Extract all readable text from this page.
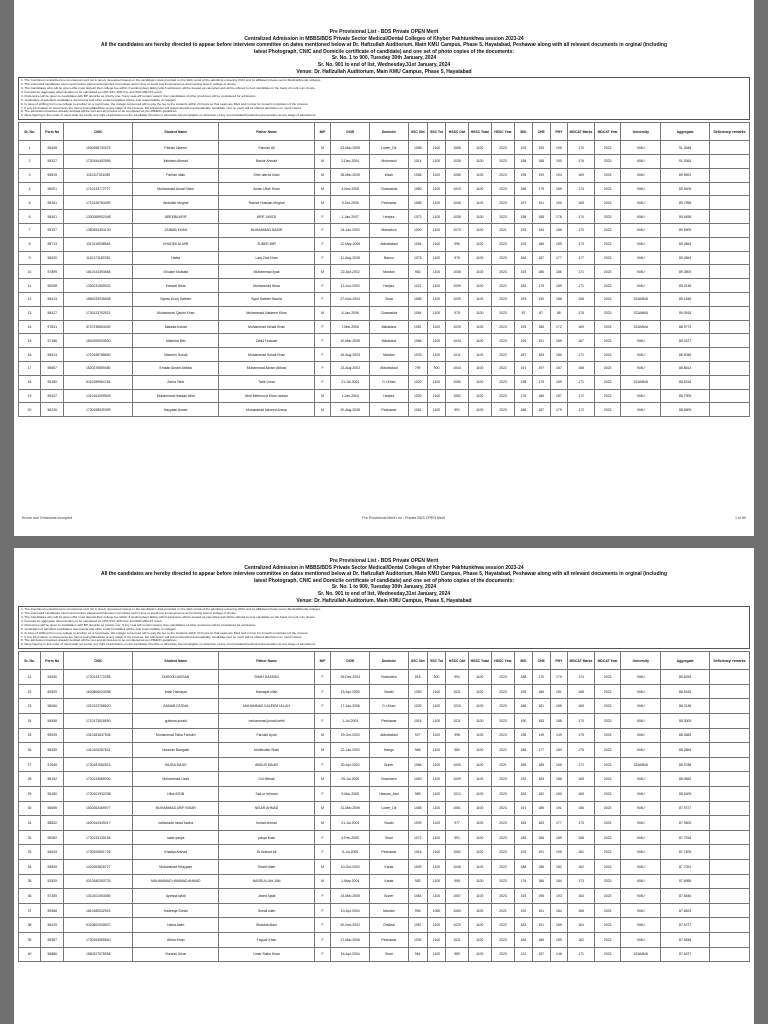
Pre Provisional List - BDS Private OPEN Merit
Centralized Admission in MBBS/BDS Private Sector Medical/Dental Colleges of Khyber Pakhtunkhwa session 2023-24
All the candidates are hereby directed to appear before interview committee on dates mentioned below at Dr. Hafizullah Auditorium, Main KMU Campus, Phase 5, Hayatabad, Peshawar along with all relevant documents in orginal (including
latest Photograph, CNIC and Domicile certificate of candidate) and one set of photo copies of the documents:
Sr. No. 1 to 900, Tuesday 30th January, 2024
Sr. No. 901 to end of list, Wednesday,31st January, 2024
Venue: Dr. Hafizullah Auditorium, Main KMU Campus, Phase 5, Hayatabad
1. The Combined centralized pre provisional merit list is purely developed based on the candidate's data provided on the Web portal of the admitting university KMU and its affiliated private sector Medical/Dental colleges.
2. The interested candidates must report before placement/Interview Committee well in time to avoid any inconvenience and missing seat in college of choice.
3. The Candidates who will be given offer must deposit their college fee within 3 working days failing which admission will be treated as cancelled and will be offered to next candidate on the basis of merit cum choice.
4. Formula for aggregate determination to be calculated as 10% SSC 40% Fsc and 50% MDCAT result.
4. Preference will be given to candidates with BP domicile as priority one, if any seat will remain vacant, then candidates of other provinces will be considered for admission.
5. Verification of admitted candidate's documents and other codal formalities will be sole responsibility of colleges.
6. In case of shifting from one college to another on a merit base, the college concerned will re-pay the fee to the students within 24 hours so that seats are filled well in time for smooth completion of the process.
7. If any information or documents are found wrong/fake/false at any stage of the process, the admission will stand cancelled automatically, candidate next on merit will be offered admission on merit/ choice.
8. The admission timelines already decided will be met and all process to be completed as per PM&DC guidelines.
9. Mere figuring in this order of merit shall not confer any right of admission on the candidate if he/she is otherwise found ineligible on detection of any error/mistake/fraud/misrepresentation at any stage of admissions.
Sr. No.	Form No	CNIC	Student Name	Father Name	M/F	DOB	Domicile	SSC Obt	SSC Tot	HSSC Obt	HSSC Total	HSSC Year	BIO	CHE	PHY	MDCAT Marks	MDCAT Year	University	Aggregate	Deficiency/ remarks
1	55408	1530266730475	Farhan Naeem	Farman Ali	M	23-Mar-2005	Lower_Dir	1068	1100	1065	1100	2023	193	195	195	170	2023	KMU	91.3546	
2	55327	1730154492589	Ihtisham Ahmad	Bashir Ahmad	M	2-Dec-2004	Mohmand	1014	1100	1035	1100	2023	188	188	190	176	2023	KMU	91.0364	
3	55819	1110117021085	Farhan ullah	Sher darraz khan	M	28-Mar-2005	Wazir	1068	1100	1055	1100	2023	195	190	194	169	2023	KMU	89.9591	
4	55001	1710133772727	Muhammad Asnaf Shinn	Aman Ullah Khan	M	4-Nov-2005	Charsadda	1080	1100	1019	1100	2023	186	179	189	173	2023	KMU	89.9409	
5	55261	1710126764499	Abdullah Mughal	Rashid Hussain Mughal	M	9-Oct-2005	Peshawar	1086	1100	1036	1100	2023	197	191	190	169	2023	KMU	89.7955	
6	58401	1330269902048	AREEBA ARIF	ARIF JAVED	F	1-Jan-2007	Haripur	1072	1100	1035	1100	2023	188	188	176	174	2023	KMU	89.6455	
7	59197	1350453494130	ZAINAB KHAN	MUHAMMAD NADIR	F	24-Jan-2003	Mansehra	1000	1100	1070	1100	2021	193	194	186	170	2023	KMU	89.5909	
8	58713	1310116938848	KHUDEEJA MIR	ZUBER MIR	F	12-May-2006	Abbottabad	1094	1100	996	1100	2023	193	186	189	173	2023	KMU	89.4864	
9	56030	1110173183780	Hafsa	Laiq Zad Khan	F	11-Aug-2005	Bannu	1076	1100	975	1100	2023	184	187	177	177	2023	KMU	89.4864	
10	57899	1610141393665	Ghulam Mustafa	Muhammad Ilyas	M	22-Apr-2002	Mardan	982	1100	1036	1100	2023	193	186	186	171	2023	KMU	89.3500	
11	55098	1330231559932	Kanwal Nisar	Muhammad Nisar	F	13-Jun-2003	Haripur	1021	1100	1009	1100	2022	183	175	189	171	2023	KMU	89.3136	
12	56413	1560233035638	Syeda Urooj Saleem	Syed Saleem Bacha	F	27-Nov-2004	Swat	1086	1100	1039	1100	2023	193	190	188	166	2023	SZAMMU	89.1546	
13	58427	1730123792521	Muhammad Qasim Khan	Muhammad Nadeem Khan	M	6-Jan-2006	Charsadda	1064	1100	975	1100	2023	87	87	86	178	2023	SZAMMU	89.0918	
14	57831	3710738663492	Malaika Irshad	Muhammad Irshad Khan	F	7-Mar-2006	Malakand	1051	1100	1025	1100	2023	193	186	172	169	2023	SZAMMU	88.9773	
15	57186	1540299093530	Maleeha Bibi	Zahid Hussain	F	10-Mar-2005	Malakand	1066	1100	1034	1100	2023	194	191	189	167	2023	KMU	89.0227	
16	55513	1710198788660	Nasreen Sohail	Muhammad Sohail Khan	F	16-Aug-2003	Mardan	1033	1100	1011	1100	2022	187	183	180	171	2023	KMU	88.9046	
17	55657	1520278559480	Emaan Akram Abbasi	Muhammad Akram Abbasi	F	13-Aug-2002	Abbottabad	799	900	1044	1100	2022	191	197	187	168	2023	KMU	88.8614	
18	59180	6110159964764	Zahra Tahir	Tahir Umar	F	21-Jul-2004	D.I.Khan	1029	1100	1050	1100	2023	198	175	169	171	2023	SZAMMU	88.8318	
19	59437	1310161509949	Muhammad Hassan Abid	Abid Mehmood Khan radoon	M	1-Jan-2004	Haripur	1029	1100	1082	1100	2023	176	186	187	172	2023	KMU	88.7909	
20	56226	1730198939399	Hayyaan Anwer	Muhammad Naveed Anwar	M	20-Aug-2005	Peshawar	1062	1100	991	1100	2023	186	187	179	172	2023	KMU	88.6909	
Errors and Omissions excepted	Pre Provisional Merit List - Private BDS OPEN Merit	1 of 80
Pre Provisional List - BDS Private OPEN Merit
Centralized Admission in MBBS/BDS Private Sector Medical/Dental Colleges of Khyber Pakhtunkhwa session 2023-24
All the candidates are hereby directed to appear before interview committee on dates mentioned below at Dr. Hafizullah Auditorium, Main KMU Campus, Phase 5, Hayatabad, Peshawar along with all relevant documents in orginal (including
latest Photograph, CNIC and Domicile certificate of candidate) and one set of photo copies of the documents:
Sr. No. 1 to 900, Tuesday 30th January, 2024
Sr. No. 901 to end of list, Wednesday,31st January, 2024
Venue: Dr. Hafizullah Auditorium, Main KMU Campus, Phase 5, Hayatabad
1. The Combined centralized pre provisional merit list is purely developed based on the candidate's data provided on the Web portal of the admitting university KMU and its affiliated private sector Medical/Dental colleges.
2. The interested candidates must report before placement/Interview Committee well in time to avoid any inconvenience and missing seat in college of choice.
3. The Candidates who will be given offer must deposit their college fee within 3 working days failing which admission will be treated as cancelled and will be offered to next candidate on the basis of merit cum choice.
4. Formula for aggregate determination to be calculated as 10% SSC 40% Fsc and 50% MDCAT result.
4. Preference will be given to candidates with BP domicile as priority one, if any seat will remain vacant, then candidates of other provinces will be considered for admission.
5. Verification of admitted candidate's documents and other codal formalities will be sole responsibility of colleges.
6. In case of shifting from one college to another on a merit base, the college concerned will re-pay the fee to the students within 24 hours so that seats are filled well in time for smooth completion of the process.
7. If any information or documents are found wrong/fake/false at any stage of the process, the admission will stand cancelled automatically, candidate next on merit will be offered admission on merit/ choice.
8. The admission timelines already decided will be met and all process to be completed as per PM&DC guidelines.
9. Mere figuring in this order of merit shall not confer any right of admission on the candidate if he/she is otherwise found ineligible on detection of any error/mistake/fraud/misrepresentation at any stage of admissions.
Sr. No.	Form No	CNIC	Student Name	Father Name	M/F	DOB	Domicile	SSC Obt	SSC Tot	HSSC Obt	HSSC Total	HSSC Year	BIO	CHE	PHY	MDCAT Marks	MDCAT Year	University	Aggregate	Deficiency/ remarks
21	54530	1720133772298	DURIYA HASSAN	SHAH HASSAN	F	15-Dec-2004	Nowshera	818	900	991	1100	2023	188	170	170	174	2023	KMU	88.6253	
22	60529	1620806024938	Iman Hamayat	Hamayat ullah	F	15-Apr-2005	Swabi	1053	1100	1021	1100	2023	195	186	181	168	2023	KMU	88.5182	
23	58066	1210123768520	ZAINAB FATIMA	MUHAMMAD KALEEM ULLAH	F	17-Jan-2006	D.I.Khan	1029	1100	1015	1100	2023	186	181	185	169	2023	KMU	88.3136	
24	54958	1710173515590	gulsena junaid	muhammad junaid sethi	F	1-Jul-2003	Peshawar	1016	1100	1011	1100	2023	190	183	188	170	2023	KMU	88.3000	
25	59049	1310181637546	Muhammad Talha Farrukh	Farrukh Ayub	M	29-Oct-2003	Abbottabad	927	1100	998	1100	2023	156	149	149	175	2023	KMU	88.4682	
26	58359	1410104257831	Nouman Bangash	Mohibullah Shah	M	22-Jan-2003	Hangu	966	1100	980	1100	2022	186	177	183	175	2023	KMU	88.2864	
27	57649	1730181582516	HAJRA MAJID	ABDUS MAJID	F	30-Apr-2002	Buner	1066	1100	1005	1100	2021	189	185	165	172	2023	SZAMMU	88.0788	
28	58192	1720143689030	Muhammad Uzair	Gul Mehak	M	25-Jul-2005	Nowshera	1063	1100	1009	1100	2023	192	183	186	169	2023	KMU	88.0682	
29	55180	1730101932038	Hiba ASVB	Saif ur rehman	F	9-Mar-2005	Hassan_Abd	985	1100	1013	1100	2023	183	182	180	169	2023	KMU	88.0409	
30	56696	1530263469977	MUHAMMAD ARIF NISAR	NISAR AHMAD	M	31-Mar-2006	Lower_Dir	1068	1100	1051	1100	2023	191	185	191	166	2023	KMU	87.9727	
31	58832	1620154349017	zahidzada musa bacha	Irshad ahmad	M	21-Jul-2004	Swabi	1009	1100	977	1100	2023	183	183	177	173	2023	KMU	87.9500	
32	55082	1730133125164	saba yahya	yahya khan	F	4-Feb-2005	Swat	1072	1100	991	1100	2023	185	186	189	168	2023	KMU	87.7918	
33	54943	1730100801726	Khadija Arshad	Dr Arshad Ali	F	5-Jul-2005	Peshawar	1016	1100	1062	1100	2023	193	191	195	161	2023	KMU	87.7409	
34	56849	1420393826727	Muhammad Khayyam	Sharif Ullah	M	10-Oct-2003	Karak	1009	1100	1046	1100	2022	188	186	182	162	2023	KMU	87.7091	
35	52529	4210340253733	MUHAMMAD HAMMAD AHMAD	NASRULLAH JAN	M	1-May-2004	Karak	983	1100	995	1100	2023	176	186	184	173	2023	KMU	87.6955	
36	57305	1310101063080	Ayesha Iqbal	Javed Iqbal	F	14-Mar-2005	Buner	1064	1100	1057	1100	2023	193	195	193	163	2023	KMU	87.6546	
37	59568	1610180032923	Hadeeqa Sohail	Sohail ullah	F	10-Apr-2004	Mardan	996	1050	1063	1100	2021	192	191	184	166	2023	KMU	87.6523	
38	56419	9110802002870	Hawa Alam	Shaukat Alam	F	20-Nov-2002	Orakzai	1087	1100	1029	1100	2022	183	191	189	164	2023	KMU	87.5727	
39	55387	1730163555540	Afsha Khan	Fayyaz Khan	F	27-Mar-2006	Peshawar	1092	1100	1021	1100	2023	184	186	189	162	2023	KMU	87.6546	
40	56886	1560227575958	Sundas Umar	Umar Salim Khan	F	16-Apr-2004	Swat	964	1100	989	1100	2023	131	157	146	171	2023	SZAMMU	87.6227	
